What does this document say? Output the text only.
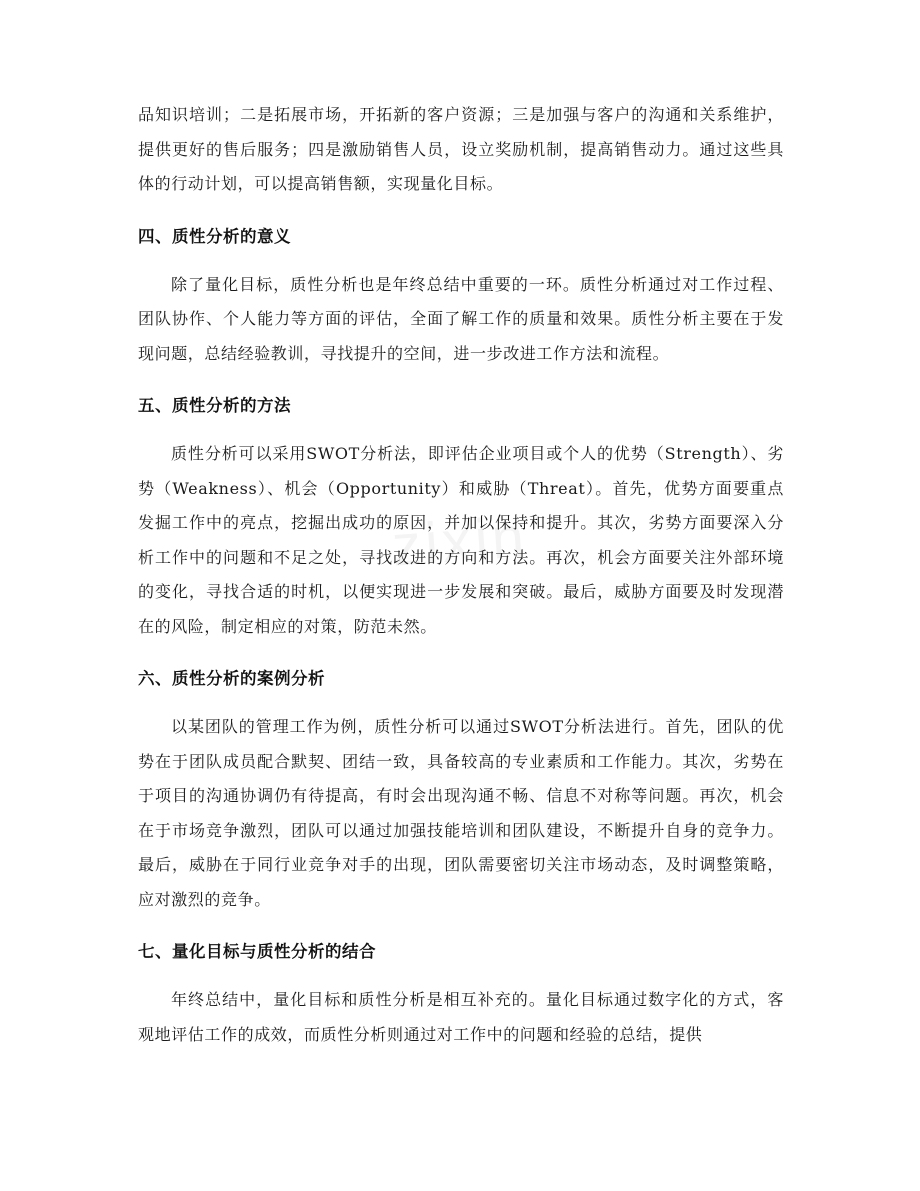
品知识培训；二是拓展市场，开拓新的客户资源；三是加强与客户的沟通和关系维护，提供更好的售后服务；四是激励销售人员，设立奖励机制，提高销售动力。通过这些具体的行动计划，可以提高销售额，实现量化目标。

四、质性分析的意义

除了量化目标，质性分析也是年终总结中重要的一环。质性分析通过对工作过程、团队协作、个人能力等方面的评估，全面了解工作的质量和效果。质性分析主要在于发现问题，总结经验教训，寻找提升的空间，进一步改进工作方法和流程。

五、质性分析的方法

质性分析可以采用SWOT分析法，即评估企业项目或个人的优势（Strength）、劣势（Weakness）、机会（Opportunity）和威胁（Threat）。首先，优势方面要重点发掘工作中的亮点，挖掘出成功的原因，并加以保持和提升。其次，劣势方面要深入分析工作中的问题和不足之处，寻找改进的方向和方法。再次，机会方面要关注外部环境的变化，寻找合适的时机，以便实现进一步发展和突破。最后，威胁方面要及时发现潜在的风险，制定相应的对策，防范未然。

六、质性分析的案例分析

以某团队的管理工作为例，质性分析可以通过SWOT分析法进行。首先，团队的优势在于团队成员配合默契、团结一致，具备较高的专业素质和工作能力。其次，劣势在于项目的沟通协调仍有待提高，有时会出现沟通不畅、信息不对称等问题。再次，机会在于市场竞争激烈，团队可以通过加强技能培训和团队建设，不断提升自身的竞争力。最后，威胁在于同行业竞争对手的出现，团队需要密切关注市场动态，及时调整策略，应对激烈的竞争。

七、量化目标与质性分析的结合

年终总结中，量化目标和质性分析是相互补充的。量化目标通过数字化的方式，客观地评估工作的成效，而质性分析则通过对工作中的问题和经验的总结，提供
